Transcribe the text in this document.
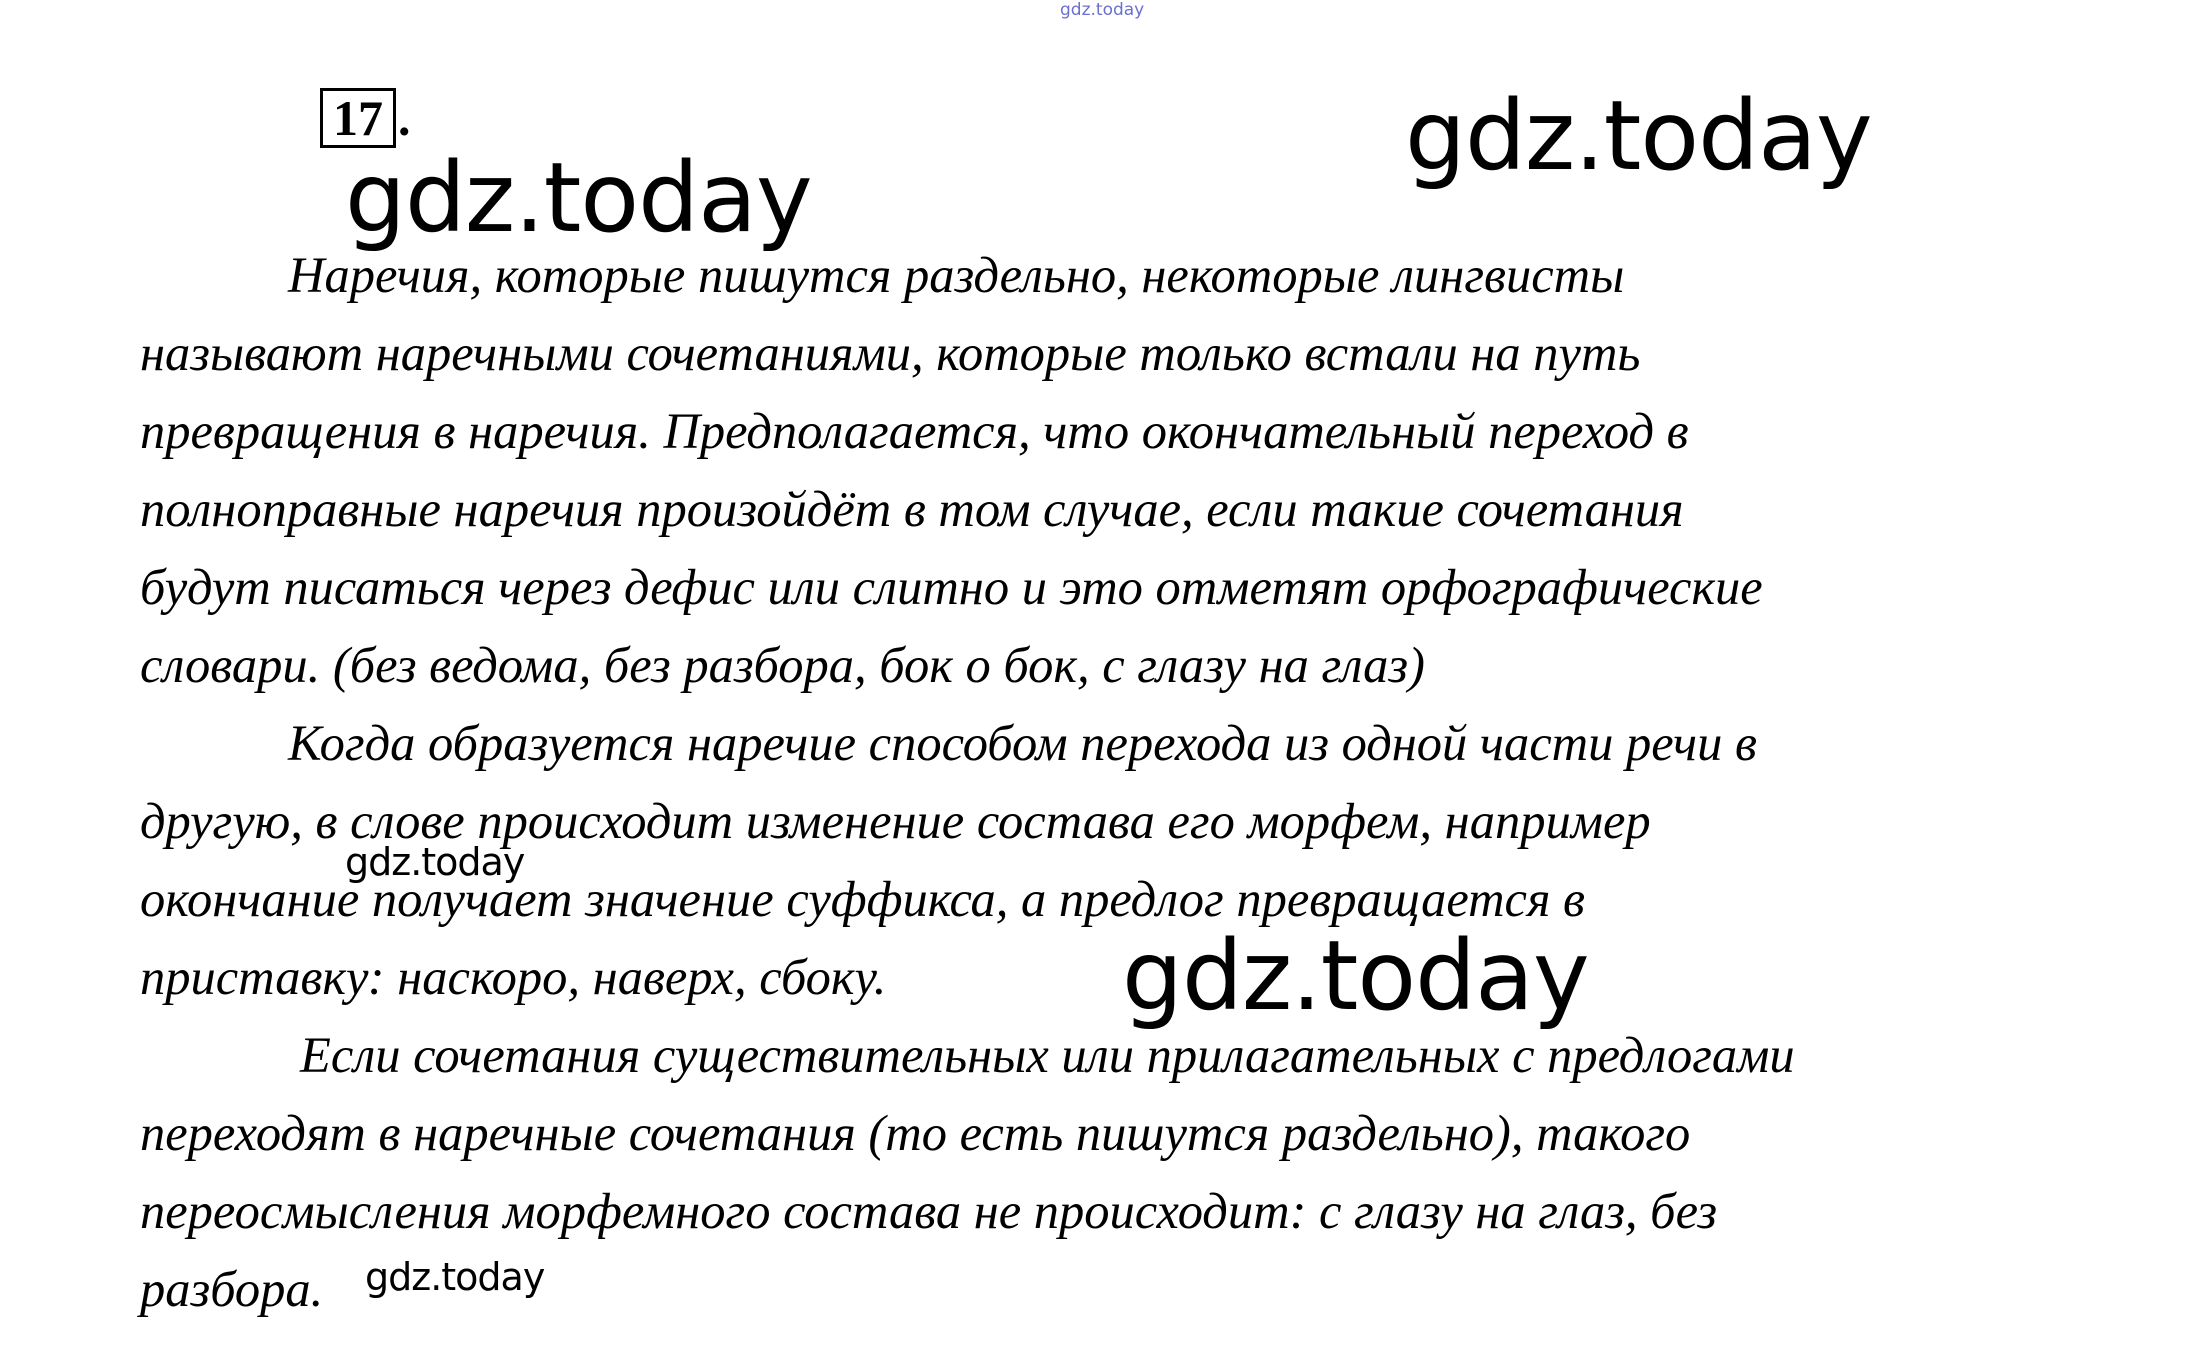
gdz.today
17 .
gdz.today
gdz.today

Наречия, которые пишутся раздельно, некоторые лингвисты
называют наречными сочетаниями, которые только встали на путь
превращения в наречия. Предполагается, что окончательный переход в
полноправные наречия произойдёт в том случае, если такие сочетания
будут писаться через дефис или слитно и это отметят орфографические
словари. (без ведома, без разбора, бок о бок, с глазу на глаз)

Когда образуется наречие способом перехода из одной части речи в
другую, в слове происходит изменение состава его морфем, например
окончание получает значение суффикса, а предлог превращается в
приставку: наскоро, наверх, сбоку.

Если сочетания существительных или прилагательных с предлогами
переходят в наречные сочетания (то есть пишутся раздельно), такого
переосмысления морфемного состава не происходит: с глазу на глаз, без
разбора.

gdz.today
gdz.today
gdz.today
